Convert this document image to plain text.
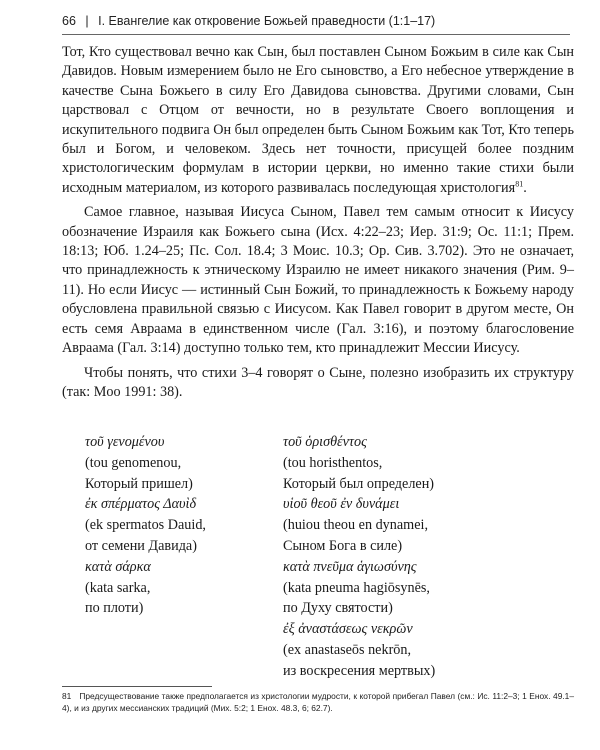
66 | I. Евангелие как откровение Божьей праведности (1:1–17)

Тот, Кто существовал вечно как Сын, был поставлен Сыном Божьим в силе как Сын Давидов. Новым измерением было не Его сыновство, а Его небесное утверждение в качестве Сына Божьего в силу Его Давидова сыновства. Другими словами, Сын царствовал с Отцом от вечности, но в результате Своего воплощения и искупительного подвига Он был определен быть Сыном Божьим как Тот, Кто теперь был и Богом, и человеком. Здесь нет точности, присущей более поздним христологическим формулам в истории церкви, но именно такие стихи были исходным материалом, из которого развивалась последующая христология$^{81}$.

Самое главное, называя Иисуса Сыном, Павел тем самым относит к Иисусу обозначение Израиля как Божьего сына (Исх. 4:22–23; Иер. 31:9; Ос. 11:1; Прем. 18:13; Юб. 1.24–25; Пс. Сол. 18.4; 3 Моис. 10.3; Ор. Сив. 3.702). Это не означает, что принадлежность к этническому Израилю не имеет никакого значения (Рим. 9–11). Но если Иисус — истинный Сын Божий, то принадлежность к Божьему народу обусловлена правильной связью с Иисусом. Как Павел говорит в другом месте, Он есть семя Авраама в единственном числе (Гал. 3:16), и поэтому благословение Авраама (Гал. 3:14) доступно только тем, кто принадлежит Мессии Иисусу.

Чтобы понять, что стихи 3–4 говорят о Сыне, полезно изобразить их структуру (так: Moo 1991: 38).

τοῦ γενομένου
(tou genomenou,
Который пришел)
ἐκ σπέρματος Δαυὶδ
(ek spermatos Dauid,
от семени Давида)
κατὰ σάρκα
(kata sarka,
по плоти)
τοῦ ὁρισθέντος
(tou horisthentos,
Который был определен)
υἱοῦ θεοῦ ἐν δυνάμει
(huiou theou en dynamei,
Сыном Бога в силе)
κατὰ πνεῦμα ἁγιωσύνης
(kata pneuma hagiōsynēs,
по Духу святости)
ἐξ ἀναστάσεως νεκρῶν
(ex anastaseōs nekrōn,
из воскресения мертвых)
81 Предсуществование также предполагается из христологии мудрости, к которой прибегал Павел (см.: Ис. 11:2–3; 1 Енох. 49.1–4), и из других мессианских традиций (Мих. 5:2; 1 Енох. 48.3, 6; 62.7).
